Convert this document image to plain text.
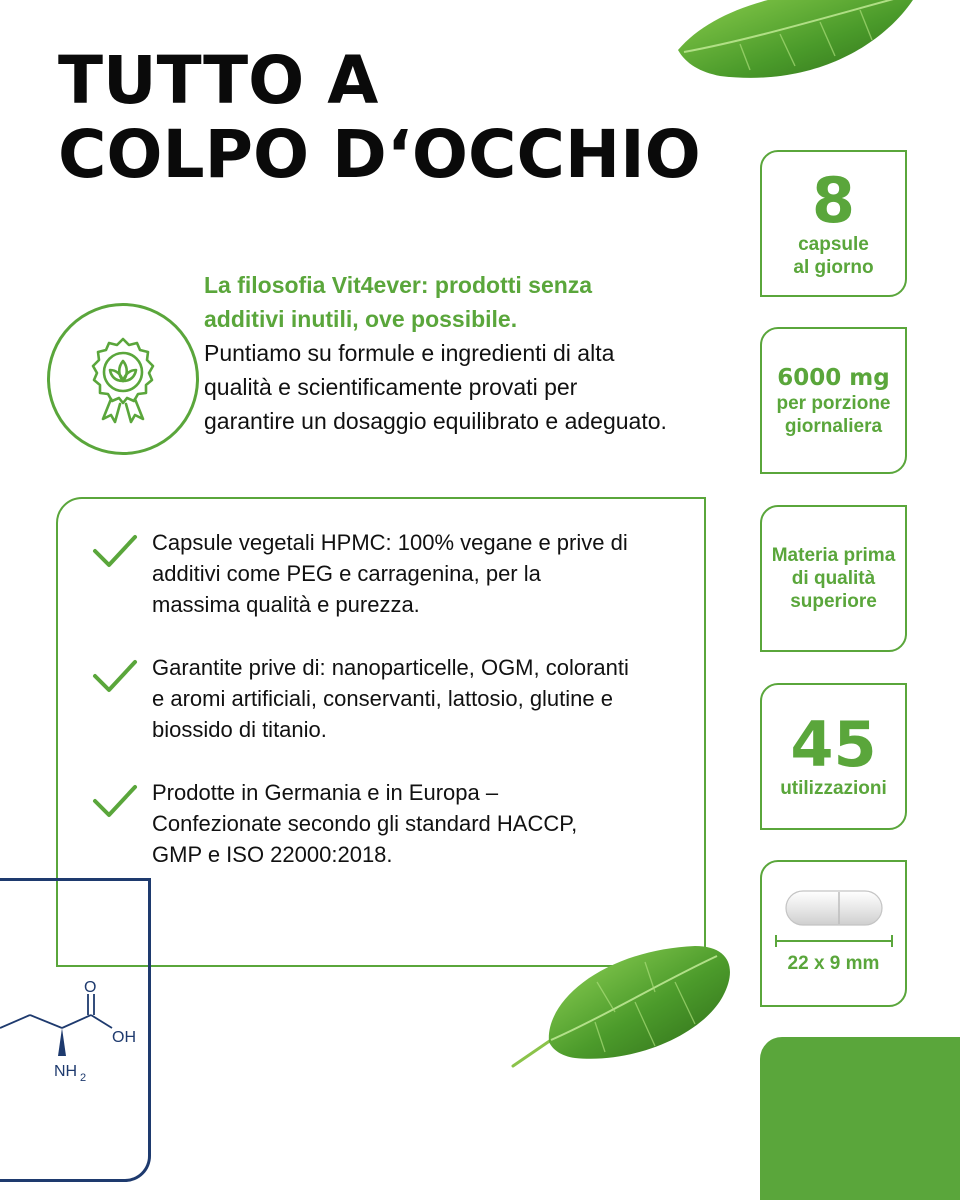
TUTTO A
COLPO D‘OCCHIO
La filosofia Vit4ever: prodotti senza additivi inutili, ove possibile.
Puntiamo su formule e ingredienti di alta qualità e scientificamente provati per garantire un dosaggio equilibrato e adeguato.
Capsule vegetali HPMC: 100% vegane e prive di additivi come PEG e carragenina, per la massima qualità e purezza.
Garantite prive di: nanoparticelle, OGM, coloranti e aromi artificiali, conservanti, lattosio, glutine e biossido di titanio.
Prodotte in Germania e in Europa – Confezionate secondo gli standard HACCP, GMP e ISO 22000:2018.
8
capsule
al giorno
6000 mg
per porzione
giornaliera
Materia prima
di qualità
superiore
45
utilizzazioni
22 x 9 mm
O
OH
NH 2
